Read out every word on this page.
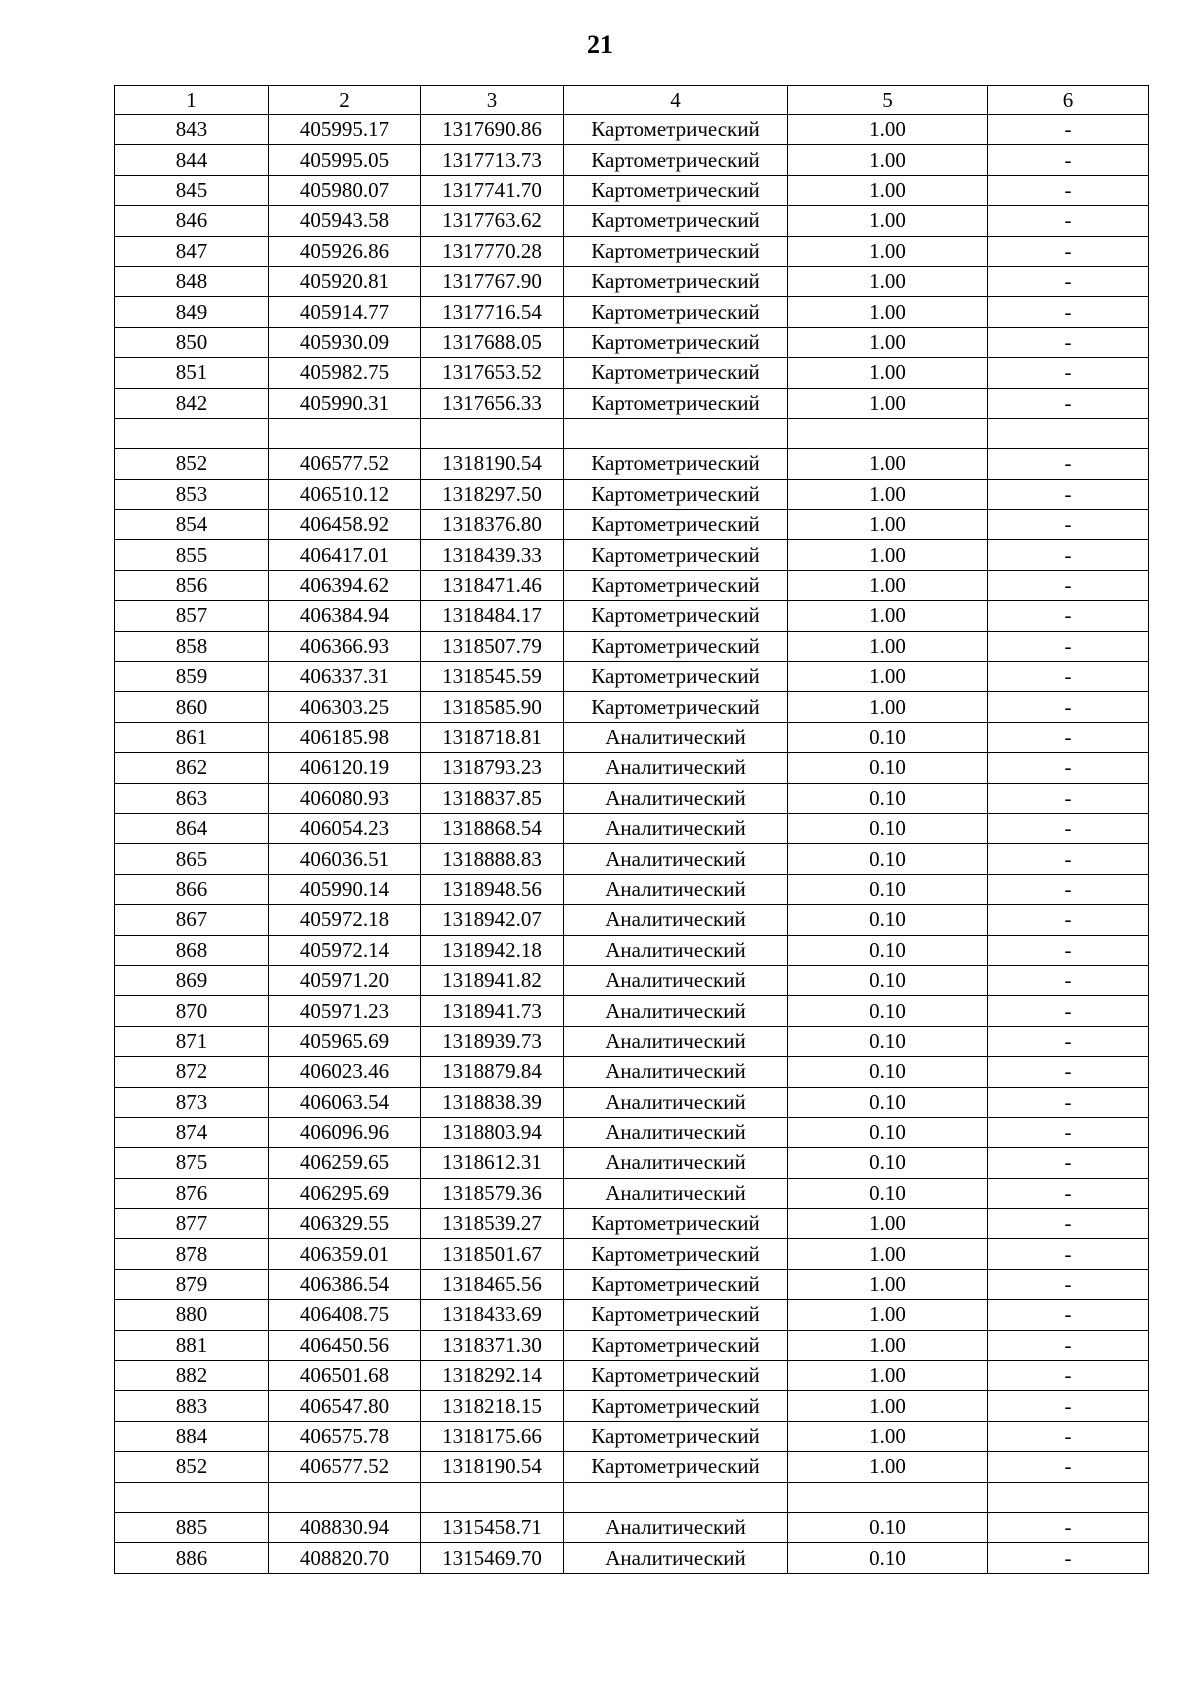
21
1	2	3	4	5	6
843	405995.17	1317690.86	Картометрический	1.00	-
844	405995.05	1317713.73	Картометрический	1.00	-
845	405980.07	1317741.70	Картометрический	1.00	-
846	405943.58	1317763.62	Картометрический	1.00	-
847	405926.86	1317770.28	Картометрический	1.00	-
848	405920.81	1317767.90	Картометрический	1.00	-
849	405914.77	1317716.54	Картометрический	1.00	-
850	405930.09	1317688.05	Картометрический	1.00	-
851	405982.75	1317653.52	Картометрический	1.00	-
842	405990.31	1317656.33	Картометрический	1.00	-

852	406577.52	1318190.54	Картометрический	1.00	-
853	406510.12	1318297.50	Картометрический	1.00	-
854	406458.92	1318376.80	Картометрический	1.00	-
855	406417.01	1318439.33	Картометрический	1.00	-
856	406394.62	1318471.46	Картометрический	1.00	-
857	406384.94	1318484.17	Картометрический	1.00	-
858	406366.93	1318507.79	Картометрический	1.00	-
859	406337.31	1318545.59	Картометрический	1.00	-
860	406303.25	1318585.90	Картометрический	1.00	-
861	406185.98	1318718.81	Аналитический	0.10	-
862	406120.19	1318793.23	Аналитический	0.10	-
863	406080.93	1318837.85	Аналитический	0.10	-
864	406054.23	1318868.54	Аналитический	0.10	-
865	406036.51	1318888.83	Аналитический	0.10	-
866	405990.14	1318948.56	Аналитический	0.10	-
867	405972.18	1318942.07	Аналитический	0.10	-
868	405972.14	1318942.18	Аналитический	0.10	-
869	405971.20	1318941.82	Аналитический	0.10	-
870	405971.23	1318941.73	Аналитический	0.10	-
871	405965.69	1318939.73	Аналитический	0.10	-
872	406023.46	1318879.84	Аналитический	0.10	-
873	406063.54	1318838.39	Аналитический	0.10	-
874	406096.96	1318803.94	Аналитический	0.10	-
875	406259.65	1318612.31	Аналитический	0.10	-
876	406295.69	1318579.36	Аналитический	0.10	-
877	406329.55	1318539.27	Картометрический	1.00	-
878	406359.01	1318501.67	Картометрический	1.00	-
879	406386.54	1318465.56	Картометрический	1.00	-
880	406408.75	1318433.69	Картометрический	1.00	-
881	406450.56	1318371.30	Картометрический	1.00	-
882	406501.68	1318292.14	Картометрический	1.00	-
883	406547.80	1318218.15	Картометрический	1.00	-
884	406575.78	1318175.66	Картометрический	1.00	-
852	406577.52	1318190.54	Картометрический	1.00	-

885	408830.94	1315458.71	Аналитический	0.10	-
886	408820.70	1315469.70	Аналитический	0.10	-
